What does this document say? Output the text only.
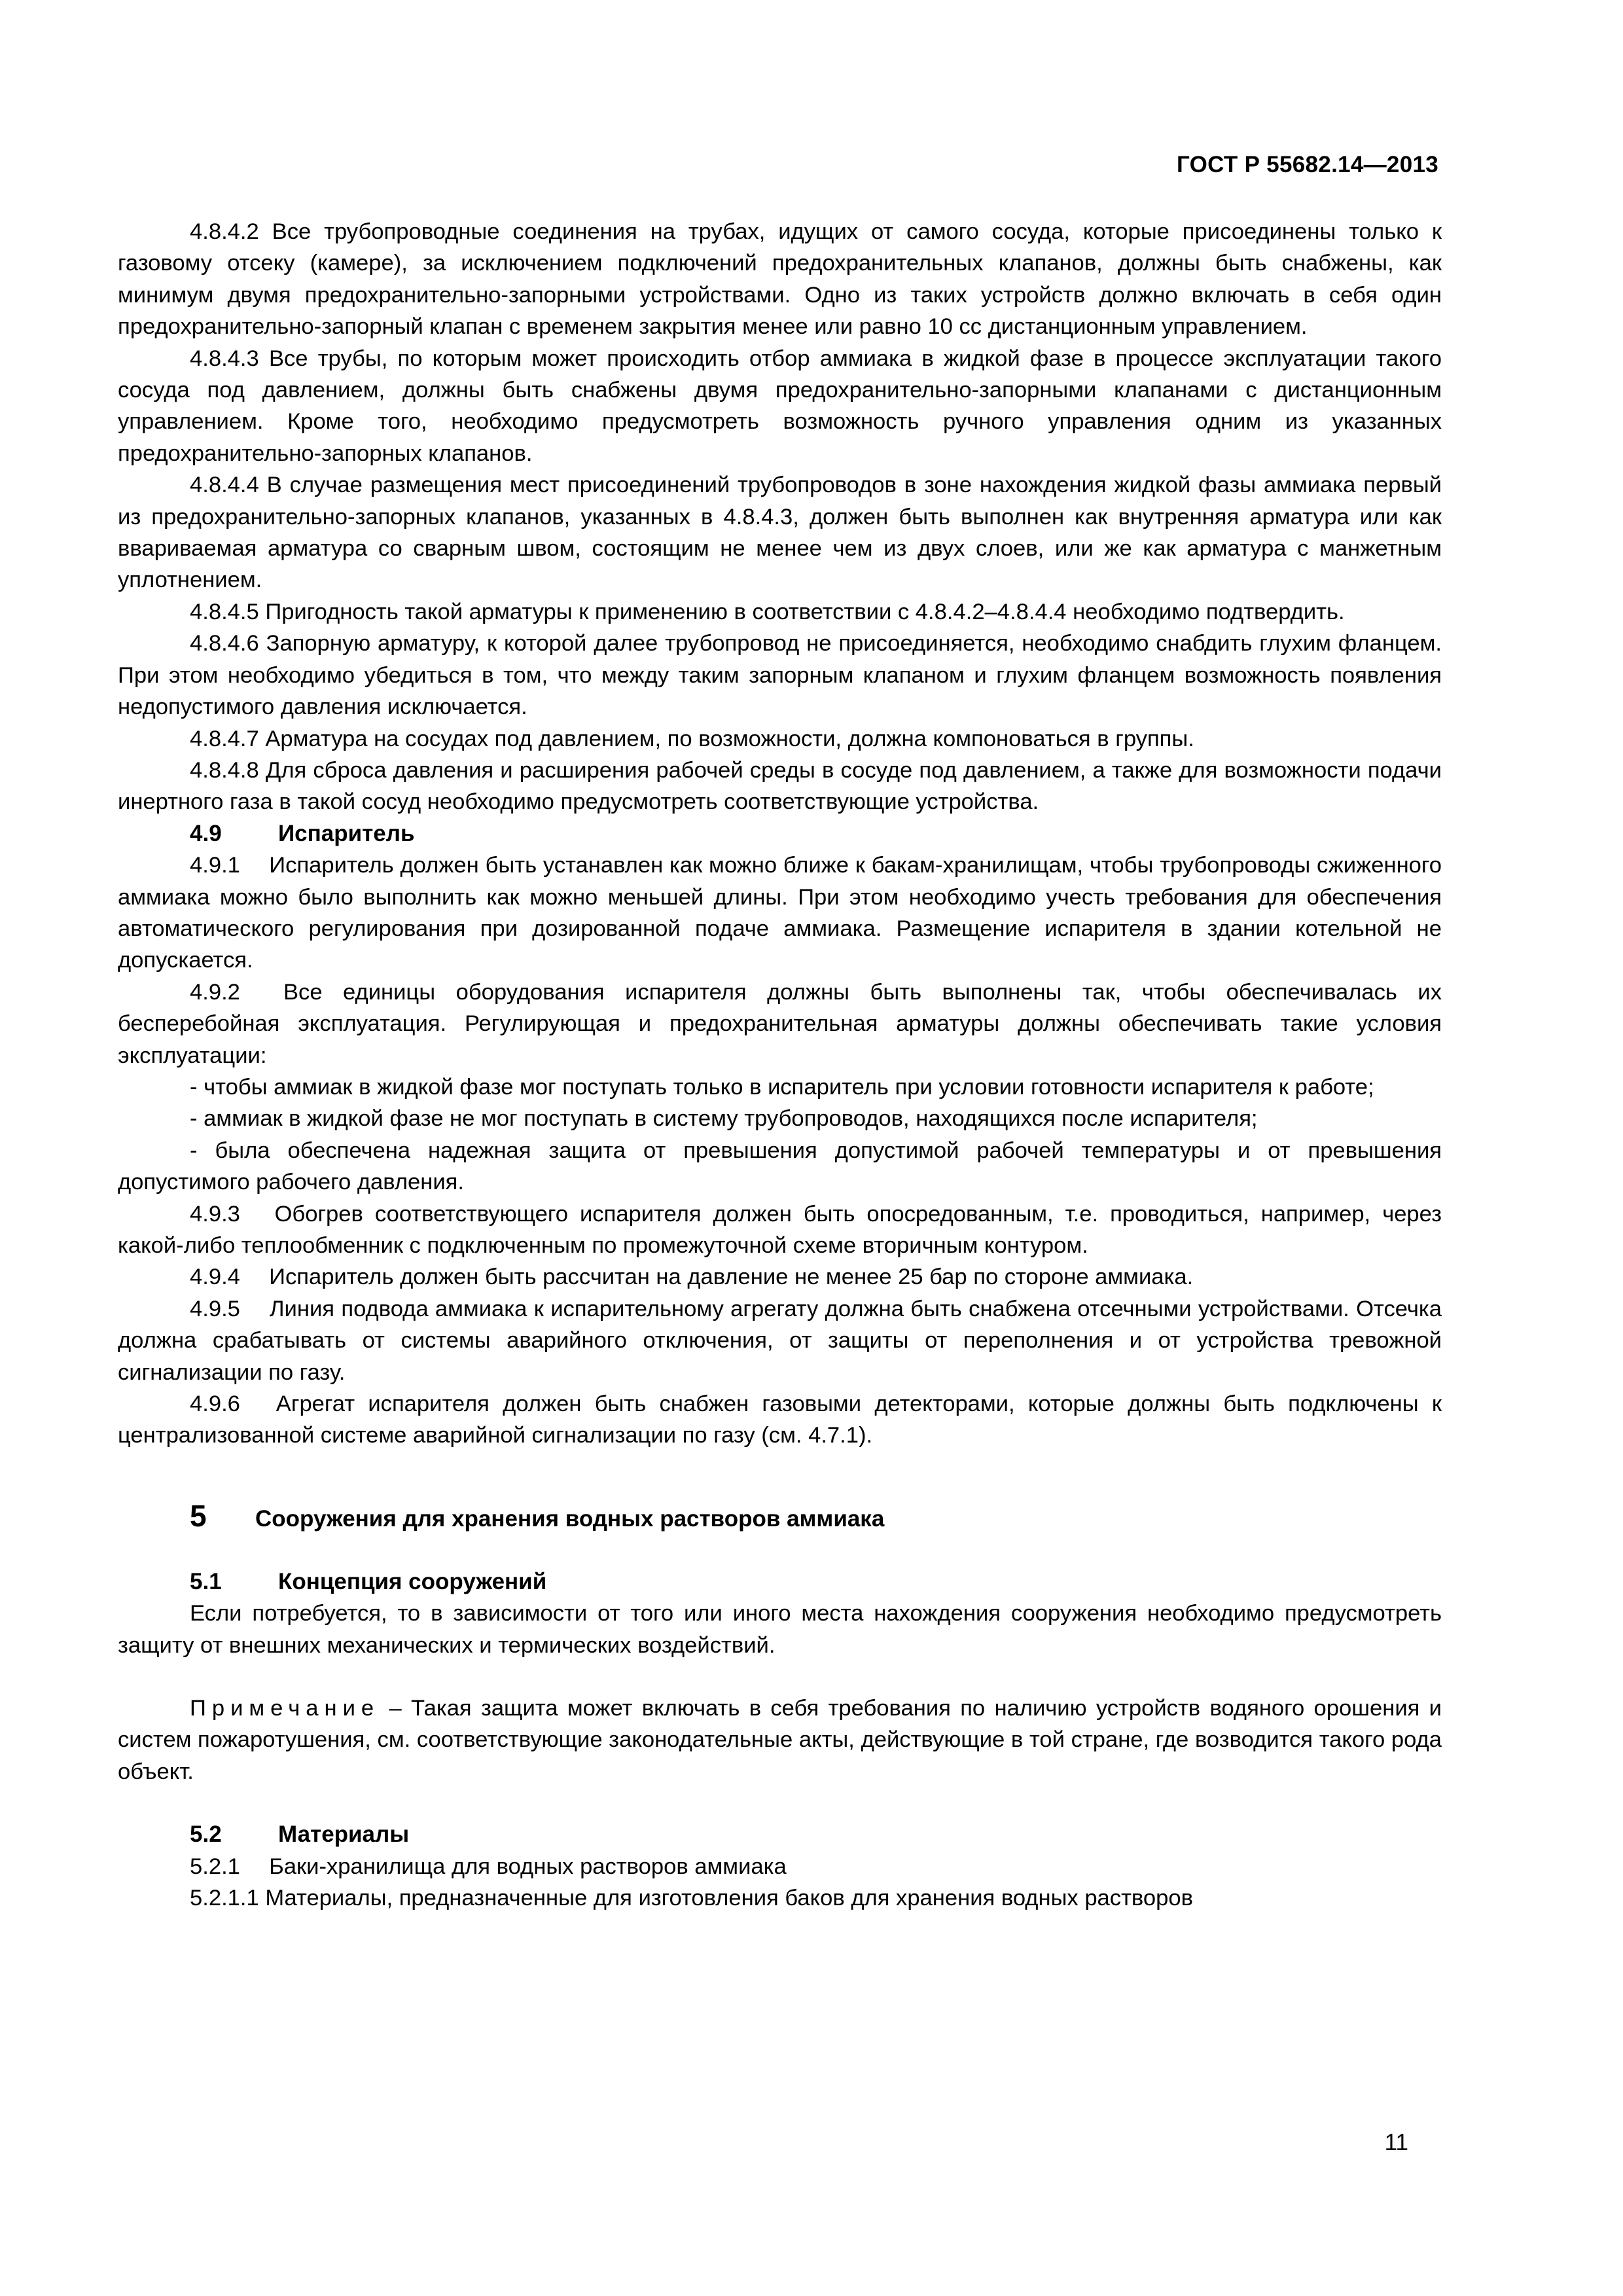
ГОСТ Р 55682.14—2013

4.8.4.2 Все трубопроводные соединения на трубах, идущих от самого сосуда, которые присоединены только к газовому отсеку (камере), за исключением подключений предохранительных клапанов, должны быть снабжены, как минимум двумя предохранительно-запорными устройствами. Одно из таких устройств должно включать в себя один предохранительно-запорный клапан с временем закрытия менее или равно 10 сс дистанционным управлением.

4.8.4.3 Все трубы, по которым может происходить отбор аммиака в жидкой фазе в процессе эксплуатации такого сосуда под давлением, должны быть снабжены двумя предохранительно-запорными клапанами с дистанционным управлением. Кроме того, необходимо предусмотреть возможность ручного управления одним из указанных предохранительно-запорных клапанов.

4.8.4.4 В случае размещения мест присоединений трубопроводов в зоне нахождения жидкой фазы аммиака первый из предохранительно-запорных клапанов, указанных в 4.8.4.3, должен быть выполнен как внутренняя арматура или как ввариваемая арматура со сварным швом, состоящим не менее чем из двух слоев, или же как арматура с манжетным уплотнением.

4.8.4.5 Пригодность такой арматуры к применению в соответствии с 4.8.4.2–4.8.4.4 необходимо подтвердить.

4.8.4.6 Запорную арматуру, к которой далее трубопровод не присоединяется, необходимо снабдить глухим фланцем. При этом необходимо убедиться в том, что между таким запорным клапаном и глухим фланцем возможность появления недопустимого давления исключается.

4.8.4.7 Арматура на сосудах под давлением, по возможности, должна компоноваться в группы.

4.8.4.8 Для сброса давления и расширения рабочей среды в сосуде под давлением, а также для возможности подачи инертного газа в такой сосуд необходимо предусмотреть соответствующие устройства.

4.9	Испаритель

4.9.1  Испаритель должен быть устанавлен как можно ближе к бакам-хранилищам, чтобы трубопроводы сжиженного аммиака можно было выполнить как можно меньшей длины. При этом необходимо учесть требования для обеспечения автоматического регулирования при дозированной подаче аммиака. Размещение испарителя в здании котельной не допускается.

4.9.2  Все единицы оборудования испарителя должны быть выполнены так, чтобы обеспечивалась их бесперебойная эксплуатация. Регулирующая и предохранительная арматуры должны обеспечивать такие условия эксплуатации:

- чтобы аммиак в жидкой фазе мог поступать только в испаритель при условии готовности испарителя к работе;

- аммиак в жидкой фазе не мог поступать в систему трубопроводов, находящихся после испарителя;

- была обеспечена надежная защита от превышения допустимой рабочей температуры и от превышения допустимого рабочего давления.

4.9.3  Обогрев соответствующего испарителя должен быть опосредованным, т.е. проводиться, например, через какой-либо теплообменник с подключенным по промежуточной схеме вторичным контуром.

4.9.4  Испаритель должен быть рассчитан на давление не менее 25 бар по стороне аммиака.

4.9.5  Линия подвода аммиака к испарительному агрегату должна быть снабжена отсечными устройствами. Отсечка должна срабатывать от системы аварийного отключения, от защиты от переполнения и от устройства тревожной сигнализации по газу.

4.9.6  Агрегат испарителя должен быть снабжен газовыми детекторами, которые должны быть подключены к централизованной системе аварийной сигнализации по газу (см. 4.7.1).

5	Сооружения для хранения водных растворов аммиака
5.1	Концепция сооружений

Если потребуется, то в зависимости от того или иного места нахождения сооружения необходимо предусмотреть защиту от внешних механических и термических воздействий.

Примечание – Такая защита может включать в себя требования по наличию устройств водяного орошения и систем пожаротушения, см. соответствующие законодательные акты, действующие в той стране, где возводится такого рода объект.

5.2	Материалы

5.2.1  Баки-хранилища для водных растворов аммиака

5.2.1.1 Материалы, предназначенные для изготовления баков для хранения водных растворов

11
